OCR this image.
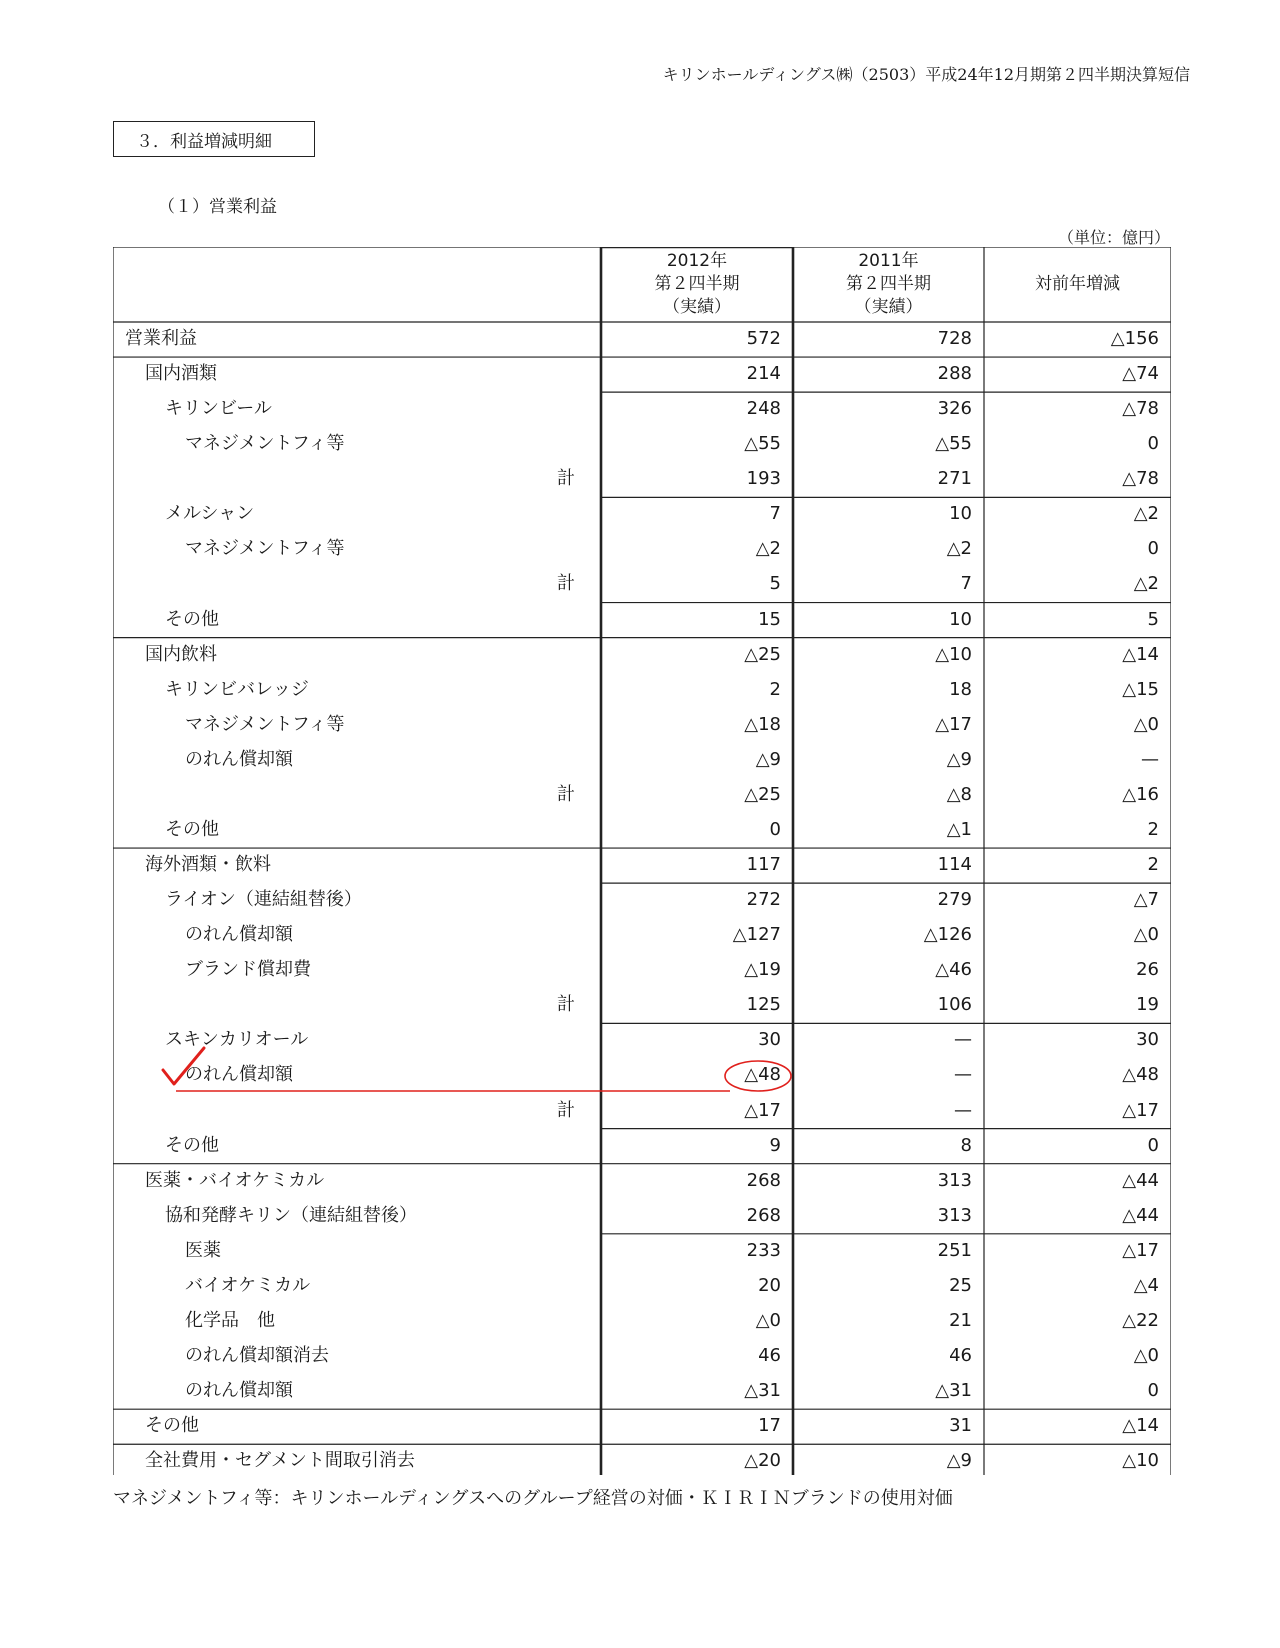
キリンホールディングス㈱（2503）平成24年12月期第２四半期決算短信
３．利益増減明細
（１）営業利益
（単位：億円）
2012年
第２四半期
（実績）
2011年
第２四半期
（実績）
対前年増減
営業利益	572	728	△156
国内酒類	214	288	△74
キリンビール	248	326	△78
マネジメントフィ等	△55	△55	0
計	193	271	△78
メルシャン	7	10	△2
マネジメントフィ等	△2	△2	0
計	5	7	△2
その他	15	10	5
国内飲料	△25	△10	△14
キリンビバレッジ	2	18	△15
マネジメントフィ等	△18	△17	△0
のれん償却額	△9	△9	—
計	△25	△8	△16
その他	0	△1	2
海外酒類・飲料	117	114	2
ライオン（連結組替後）	272	279	△7
のれん償却額	△127	△126	△0
ブランド償却費	△19	△46	26
計	125	106	19
スキンカリオール	30	—	30
のれん償却額	△48	—	△48
計	△17	—	△17
その他	9	8	0
医薬・バイオケミカル	268	313	△44
協和発酵キリン（連結組替後）	268	313	△44
医薬	233	251	△17
バイオケミカル	20	25	△4
化学品　他	△0	21	△22
のれん償却額消去	46	46	△0
のれん償却額	△31	△31	0
その他	17	31	△14
全社費用・セグメント間取引消去	△20	△9	△10
マネジメントフィ等：キリンホールディングスへのグループ経営の対価・ＫＩＲＩＮブランドの使用対価
